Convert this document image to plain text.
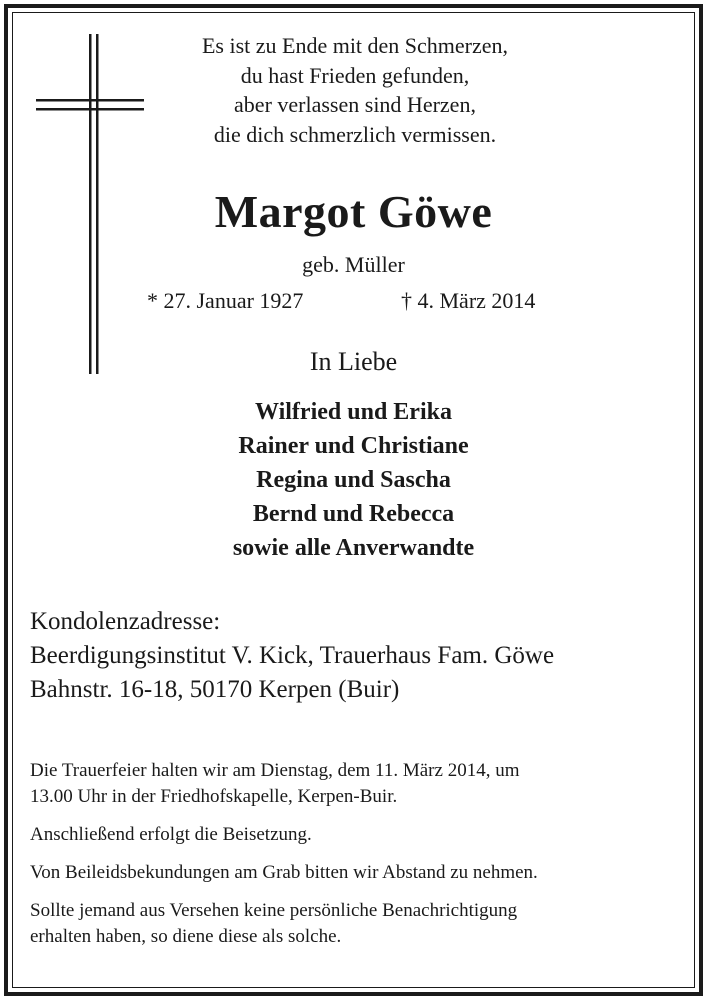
Es ist zu Ende mit den Schmerzen,
du hast Frieden gefunden,
aber verlassen sind Herzen,
die dich schmerzlich vermissen.
Margot Göwe
geb. Müller
* 27. Januar 1927	† 4. März 2014
In Liebe
Wilfried und Erika
Rainer und Christiane
Regina und Sascha
Bernd und Rebecca
sowie alle Anverwandte
Kondolenzadresse:
Beerdigungsinstitut V. Kick, Trauerhaus Fam. Göwe
Bahnstr. 16-18, 50170 Kerpen (Buir)

Die Trauerfeier halten wir am Dienstag, dem 11. März 2014, um
13.00 Uhr in der Friedhofskapelle, Kerpen-Buir.

Anschließend erfolgt die Beisetzung.

Von Beileidsbekundungen am Grab bitten wir Abstand zu nehmen.

Sollte jemand aus Versehen keine persönliche Benachrichtigung
erhalten haben, so diene diese als solche.
